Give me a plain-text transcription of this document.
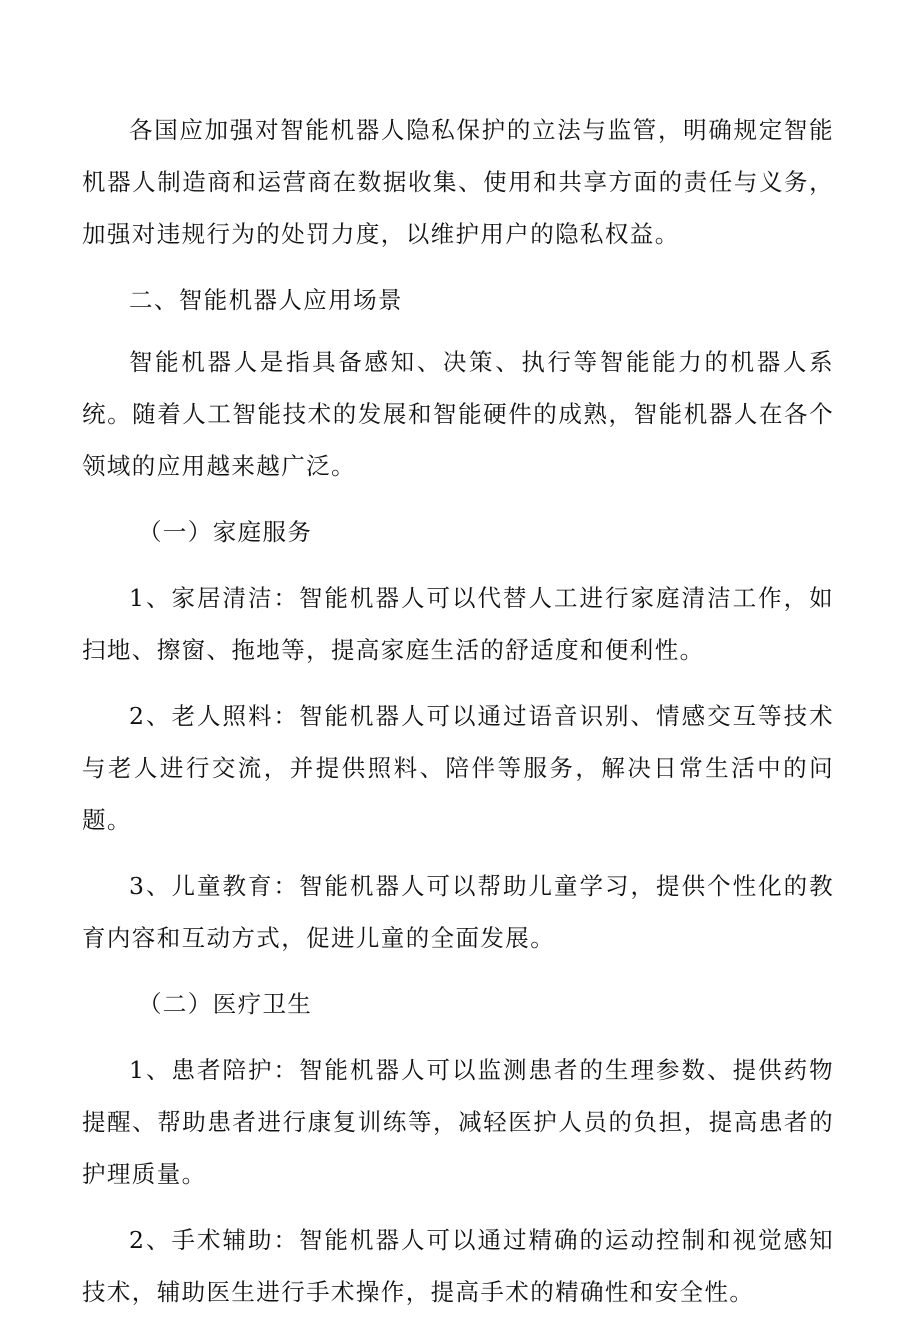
各国应加强对智能机器人隐私保护的立法与监管，明确规定智能机器人制造商和运营商在数据收集、使用和共享方面的责任与义务，加强对违规行为的处罚力度，以维护用户的隐私权益。

二、智能机器人应用场景

智能机器人是指具备感知、决策、执行等智能能力的机器人系统。随着人工智能技术的发展和智能硬件的成熟，智能机器人在各个领域的应用越来越广泛。

（一）家庭服务

1、家居清洁：智能机器人可以代替人工进行家庭清洁工作，如扫地、擦窗、拖地等，提高家庭生活的舒适度和便利性。

2、老人照料：智能机器人可以通过语音识别、情感交互等技术与老人进行交流，并提供照料、陪伴等服务，解决日常生活中的问题。

3、儿童教育：智能机器人可以帮助儿童学习，提供个性化的教育内容和互动方式，促进儿童的全面发展。

（二）医疗卫生

1、患者陪护：智能机器人可以监测患者的生理参数、提供药物提醒、帮助患者进行康复训练等，减轻医护人员的负担，提高患者的护理质量。

2、手术辅助：智能机器人可以通过精确的运动控制和视觉感知技术，辅助医生进行手术操作，提高手术的精确性和安全性。
